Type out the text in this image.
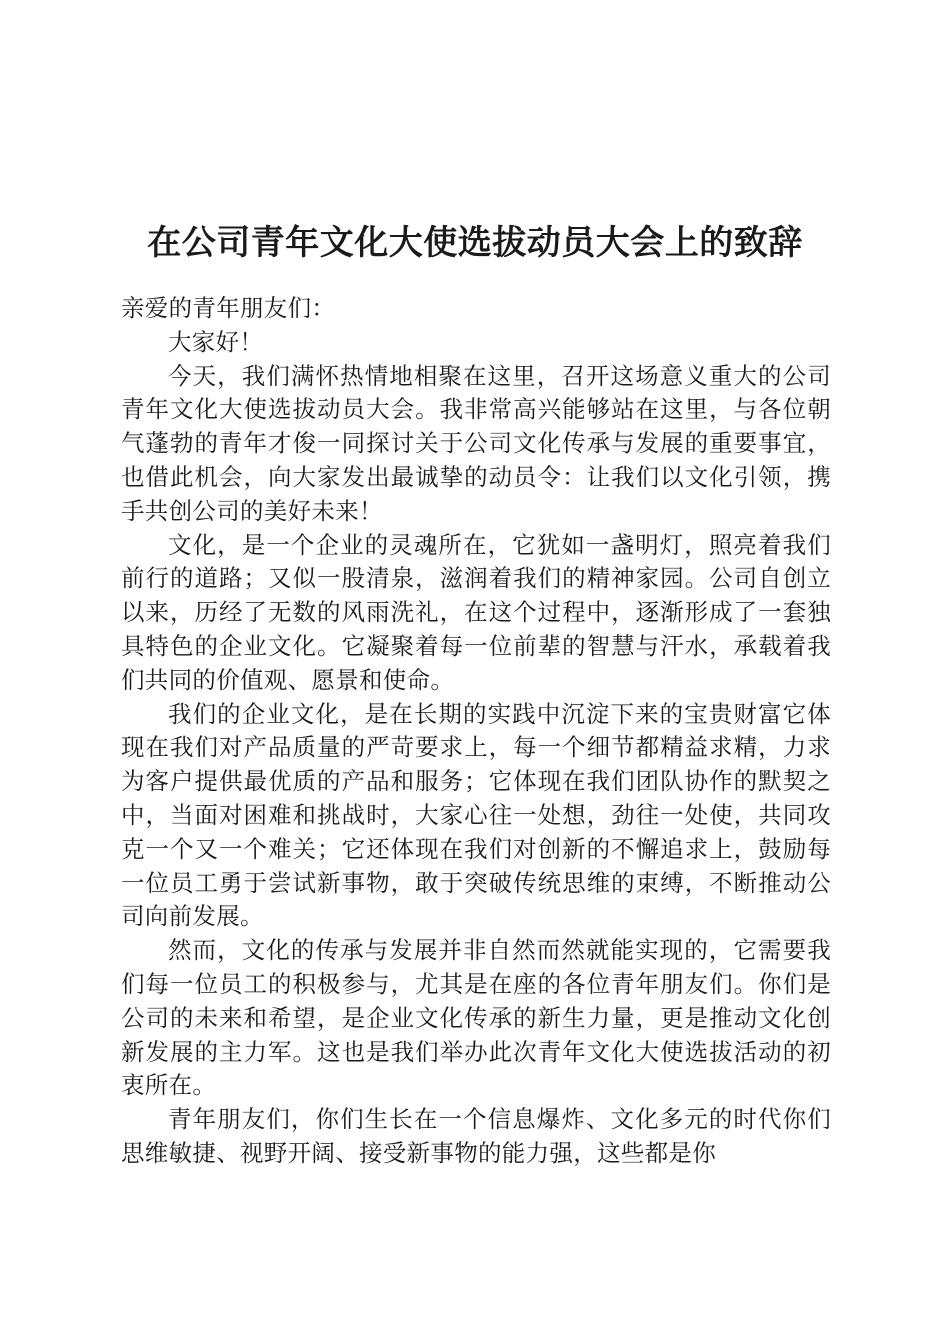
在公司青年文化大使选拔动员大会上的致辞

亲爱的青年朋友们：

大家好！

今天，我们满怀热情地相聚在这里，召开这场意义重大的公司青年文化大使选拔动员大会。我非常高兴能够站在这里，与各位朝气蓬勃的青年才俊一同探讨关于公司文化传承与发展的重要事宜，也借此机会，向大家发出最诚挚的动员令：让我们以文化引领，携手共创公司的美好未来！

文化，是一个企业的灵魂所在，它犹如一盏明灯，照亮着我们前行的道路；又似一股清泉，滋润着我们的精神家园。公司自创立以来，历经了无数的风雨洗礼，在这个过程中，逐渐形成了一套独具特色的企业文化。它凝聚着每一位前辈的智慧与汗水，承载着我们共同的价值观、愿景和使命。

我们的企业文化，是在长期的实践中沉淀下来的宝贵财富它体现在我们对产品质量的严苛要求上，每一个细节都精益求精，力求为客户提供最优质的产品和服务；它体现在我们团队协作的默契之中，当面对困难和挑战时，大家心往一处想，劲往一处使，共同攻克一个又一个难关；它还体现在我们对创新的不懈追求上，鼓励每一位员工勇于尝试新事物，敢于突破传统思维的束缚，不断推动公司向前发展。

然而，文化的传承与发展并非自然而然就能实现的，它需要我们每一位员工的积极参与，尤其是在座的各位青年朋友们。你们是公司的未来和希望，是企业文化传承的新生力量，更是推动文化创新发展的主力军。这也是我们举办此次青年文化大使选拔活动的初衷所在。

青年朋友们，你们生长在一个信息爆炸、文化多元的时代你们思维敏捷、视野开阔、接受新事物的能力强，这些都是你
